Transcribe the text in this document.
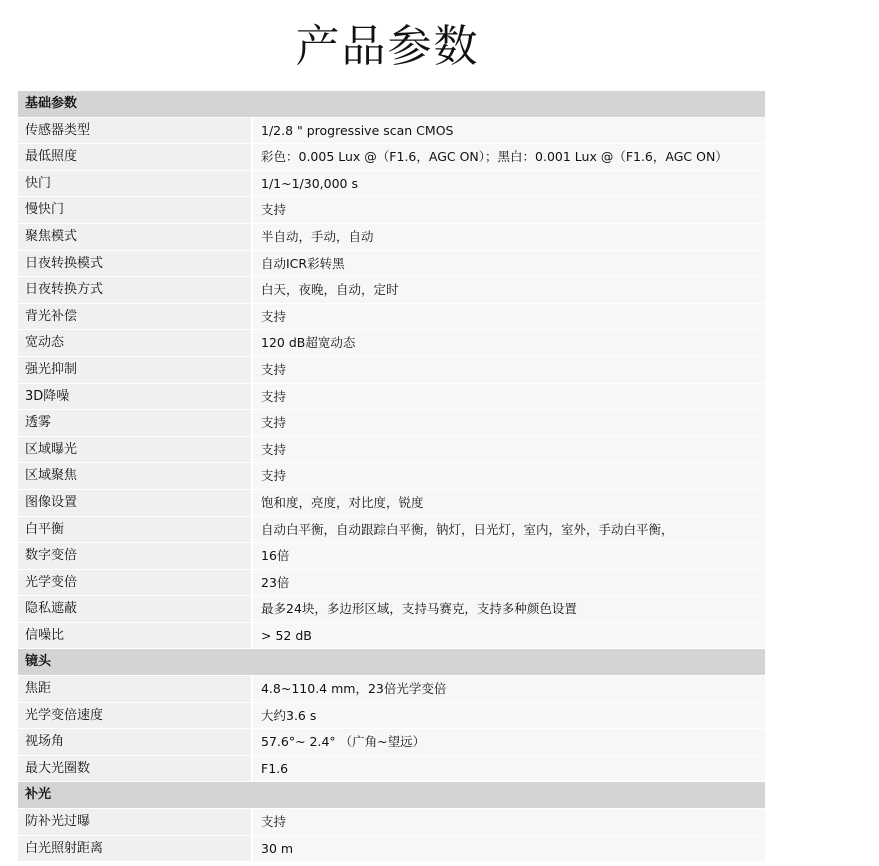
产品参数
基础参数
传感器类型	1/2.8 " progressive scan CMOS
最低照度	彩色：0.005 Lux @（F1.6，AGC ON）；黑白：0.001 Lux @（F1.6，AGC ON）
快门	1/1~1/30,000 s
慢快门	支持
聚焦模式	半自动，手动，自动
日夜转换模式	自动ICR彩转黑
日夜转换方式	白天，夜晚，自动，定时
背光补偿	支持
宽动态	120 dB超宽动态
强光抑制	支持
3D降噪	支持
透雾	支持
区域曝光	支持
区域聚焦	支持
图像设置	饱和度，亮度，对比度，锐度
白平衡	自动白平衡，自动跟踪白平衡，钠灯，日光灯，室内，室外，手动白平衡，
数字变倍	16倍
光学变倍	23倍
隐私遮蔽	最多24块，多边形区域，支持马赛克，支持多种颜色设置
信噪比	> 52 dB
镜头
焦距	4.8~110.4 mm，23倍光学变倍
光学变倍速度	大约3.6 s
视场角	57.6°~ 2.4° （广角~望远）
最大光圈数	F1.6
补光
防补光过曝	支持
白光照射距离	30 m
